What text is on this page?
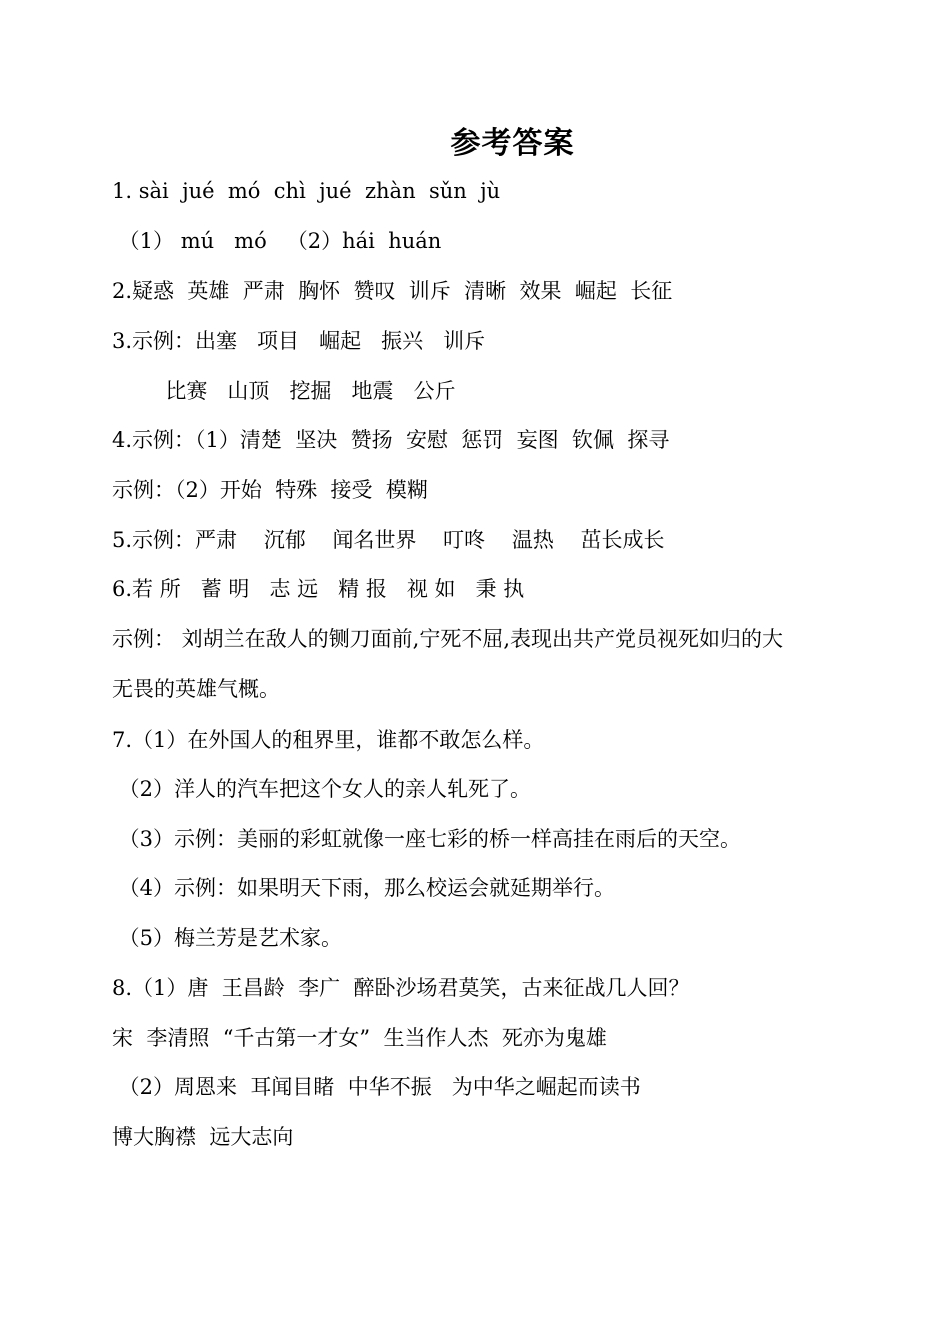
参考答案
1. sài  jué  mó  chì  jué  zhàn  sǔn  jù
（1） mú   mó   （2）hái  huán
2.疑惑  英雄  严肃  胸怀  赞叹  训斥  清晰  效果  崛起  长征
3.示例：出塞   项目   崛起   振兴   训斥
比赛   山顶   挖掘   地震   公斤
4.示例：（1）清楚  坚决  赞扬  安慰  惩罚  妄图  钦佩  探寻
示例：（2）开始  特殊  接受  模糊
5.示例：严肃    沉郁    闻名世界    叮咚    温热    茁长成长
6.若 所   蓄 明   志 远   精 报   视 如   秉 执
示例： 刘胡兰在敌人的铡刀面前,宁死不屈,表现出共产党员视死如归的大
无畏的英雄气概。
7.（1）在外国人的租界里，谁都不敢怎么样。
（2）洋人的汽车把这个女人的亲人轧死了。
（3）示例：美丽的彩虹就像一座七彩的桥一样高挂在雨后的天空。
（4）示例：如果明天下雨，那么校运会就延期举行。
（5）梅兰芳是艺术家。
8.（1）唐  王昌龄  李广  醉卧沙场君莫笑，古来征战几人回？
宋  李清照  “千古第一才女”  生当作人杰  死亦为鬼雄
（2）周恩来  耳闻目睹  中华不振   为中华之崛起而读书
博大胸襟  远大志向
